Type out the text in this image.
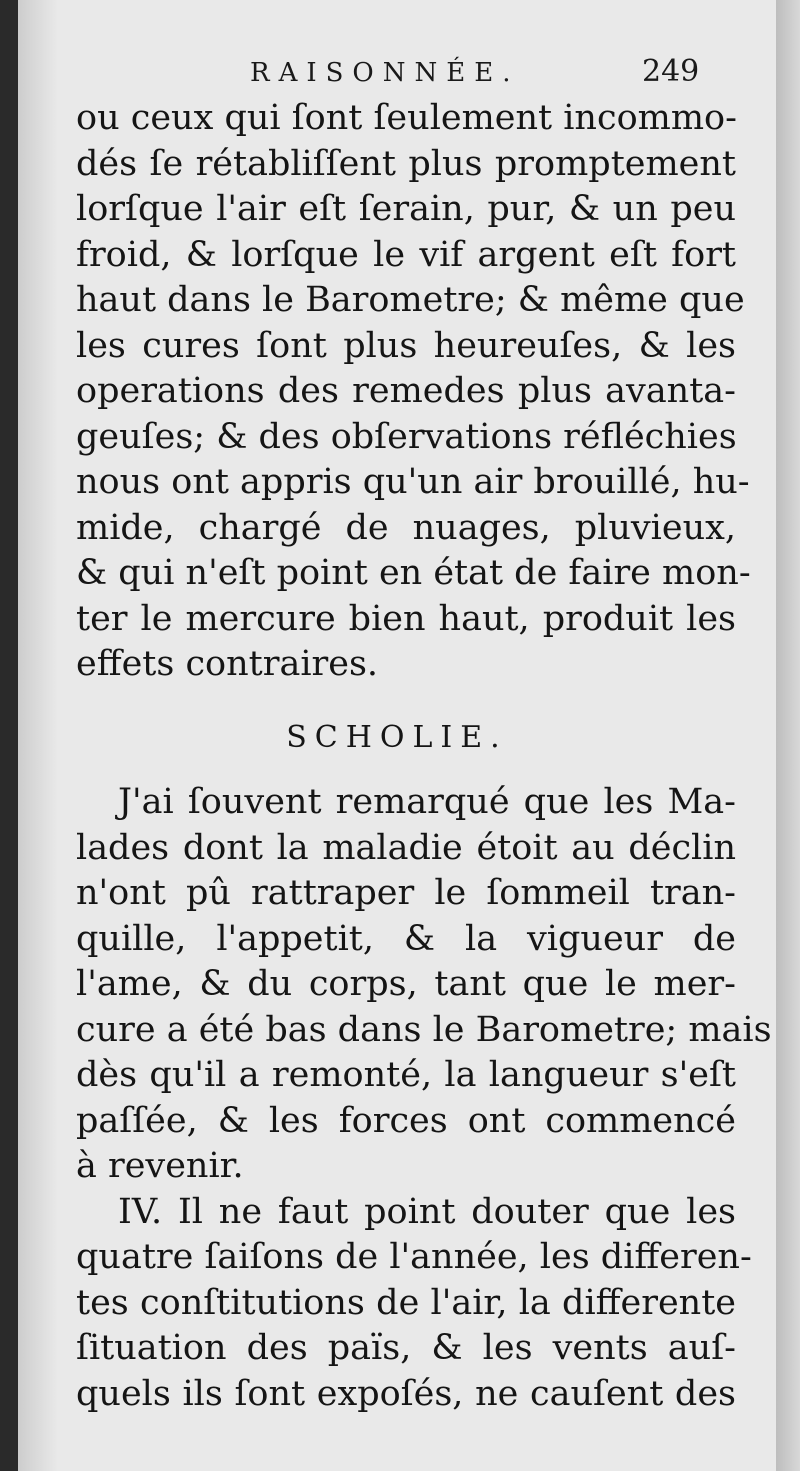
RAISONNÉE.	249
ou ceux qui ſont ſeulement incommo-
dés ſe rétabliſſent plus promptement
lorſque l'air eſt ſerain, pur, & un peu
froid, & lorſque le vif argent eſt fort
haut dans le Barometre; & même que
les cures ſont plus heureuſes, & les
operations des remedes plus avanta-
geuſes; & des obſervations réfléchies
nous ont appris qu'un air brouillé, hu-
mide, chargé de nuages, pluvieux,
& qui n'eſt point en état de faire mon-
ter le mercure bien haut, produit les
effets contraires.
SCHOLIE.
J'ai ſouvent remarqué que les Ma-
lades dont la maladie étoit au déclin
n'ont pû rattraper le ſommeil tran-
quille, l'appetit, & la vigueur de
l'ame, & du corps, tant que le mer-
cure a été bas dans le Barometre; mais
dès qu'il a remonté, la langueur s'eſt
paſſée, & les forces ont commencé
à revenir.
IV. Il ne faut point douter que les
quatre ſaiſons de l'année, les differen-
tes conſtitutions de l'air, la differente
ſituation des païs, & les vents auſ-
quels ils ſont expoſés, ne cauſent des
